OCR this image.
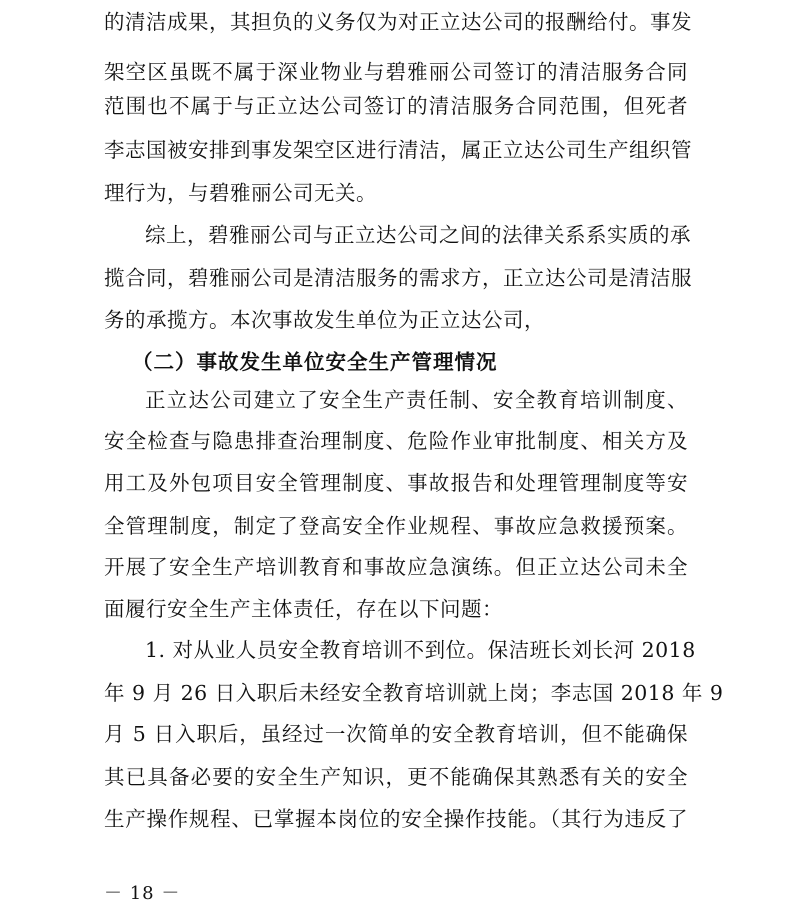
的清洁成果，其担负的义务仅为对正立达公司的报酬给付。事发
架空区虽既不属于深业物业与碧雅丽公司签订的清洁服务合同
范围也不属于与正立达公司签订的清洁服务合同范围，但死者
李志国被安排到事发架空区进行清洁，属正立达公司生产组织管
理行为，与碧雅丽公司无关。
综上，碧雅丽公司与正立达公司之间的法律关系系实质的承
揽合同，碧雅丽公司是清洁服务的需求方，正立达公司是清洁服
务的承揽方。本次事故发生单位为正立达公司，
（二）事故发生单位安全生产管理情况
正立达公司建立了安全生产责任制、安全教育培训制度、
安全检查与隐患排查治理制度、危险作业审批制度、相关方及
用工及外包项目安全管理制度、事故报告和处理管理制度等安
全管理制度，制定了登高安全作业规程、事故应急救援预案。
开展了安全生产培训教育和事故应急演练。但正立达公司未全
面履行安全生产主体责任，存在以下问题：
1. 对从业人员安全教育培训不到位。保洁班长刘长河 2018
年 9 月 26 日入职后未经安全教育培训就上岗；李志国 2018 年 9
月 5 日入职后，虽经过一次简单的安全教育培训，但不能确保
其已具备必要的安全生产知识，更不能确保其熟悉有关的安全
生产操作规程、已掌握本岗位的安全操作技能。（其行为违反了
－ 18 －
